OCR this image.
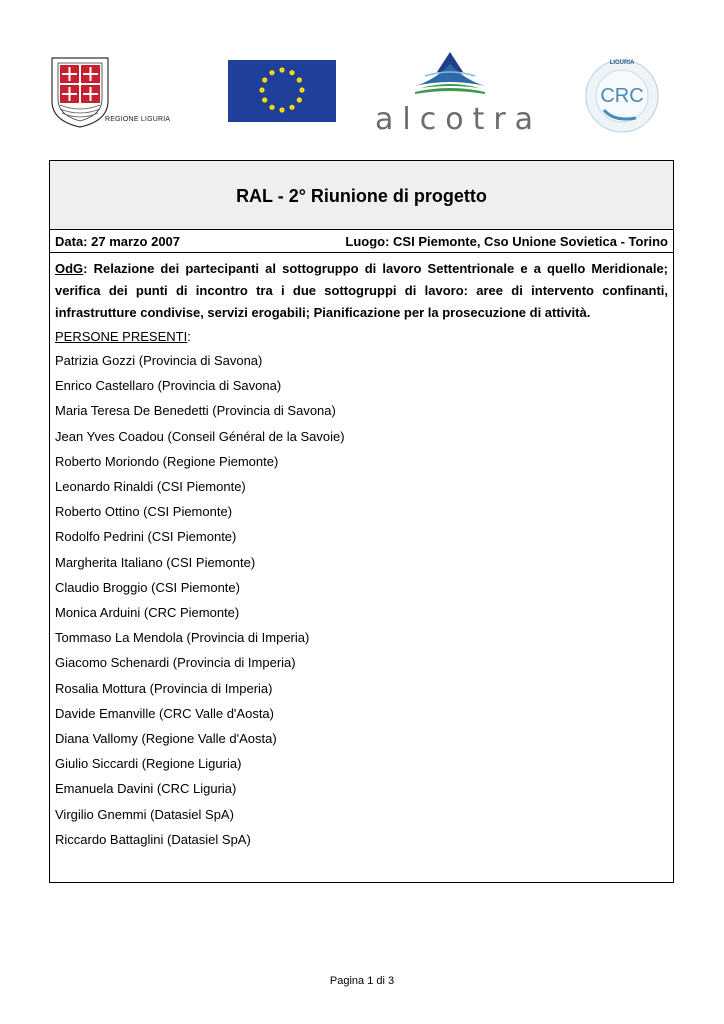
REGIONE LIGURIA	alcotra
CRC
LIGURIA
RAL - 2° Riunione di progetto
Data: 27 marzo 2007	Luogo: CSI Piemonte, Cso Unione Sovietica - Torino

OdG: Relazione dei partecipanti al sottogruppo di lavoro Settentrionale e a quello Meridionale; verifica dei punti di incontro tra i due sottogruppi di lavoro: aree di intervento confinanti, infrastrutture condivise, servizi erogabili; Pianificazione per la prosecuzione di attività.

PERSONE PRESENTI:
Patrizia Gozzi (Provincia di Savona)
Enrico Castellaro (Provincia di Savona)
Maria Teresa De Benedetti (Provincia di Savona)
Jean Yves Coadou (Conseil Général de la Savoie)
Roberto Moriondo (Regione Piemonte)
Leonardo Rinaldi (CSI Piemonte)
Roberto Ottino (CSI Piemonte)
Rodolfo Pedrini (CSI Piemonte)
Margherita Italiano (CSI Piemonte)
Claudio Broggio (CSI Piemonte)
Monica Arduini (CRC Piemonte)
Tommaso La Mendola (Provincia di Imperia)
Giacomo Schenardi (Provincia di Imperia)
Rosalia Mottura (Provincia di Imperia)
Davide Emanville (CRC Valle d'Aosta)
Diana Vallomy (Regione Valle d'Aosta)
Giulio Siccardi (Regione Liguria)
Emanuela Davini (CRC Liguria)
Virgilio Gnemmi (Datasiel SpA)
Riccardo Battaglini (Datasiel SpA)
Pagina 1 di 3
